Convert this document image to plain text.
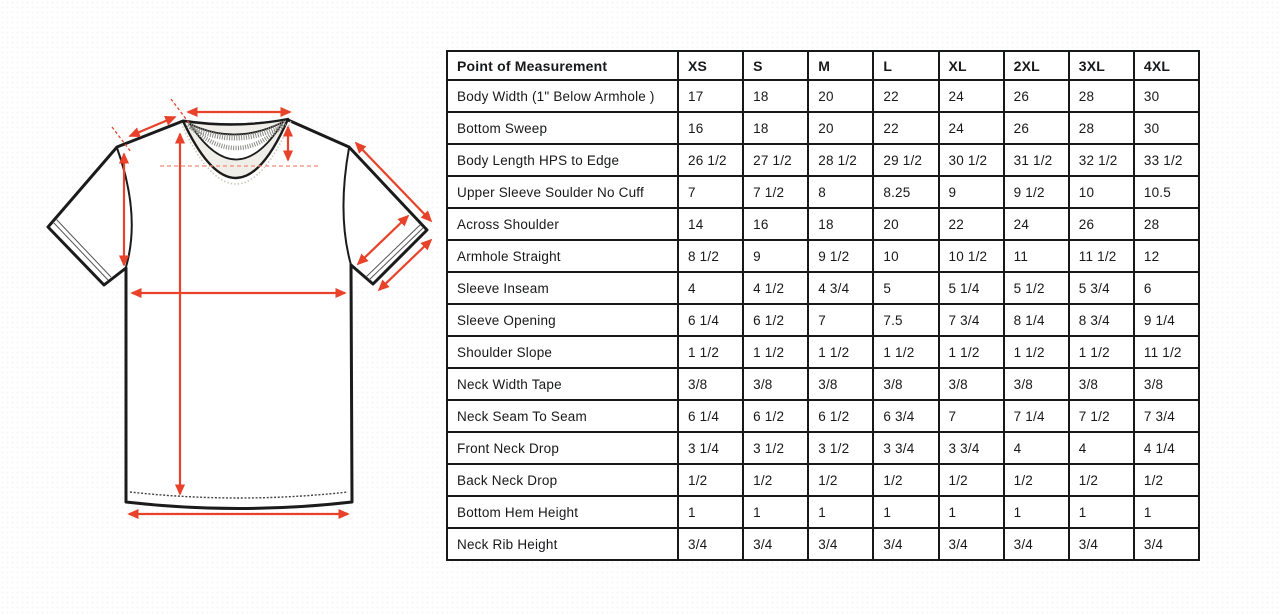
Point of Measurement	XS	S	M	L	XL	2XL	3XL	4XL
Body Width (1" Below Armhole )	17	18	20	22	24	26	28	30
Bottom Sweep	16	18	20	22	24	26	28	30
Body Length HPS to Edge	26 1/2	27 1/2	28 1/2	29 1/2	30 1/2	31 1/2	32 1/2	33 1/2
Upper Sleeve Soulder No Cuff	7	7 1/2	8	8.25	9	9 1/2	10	10.5
Across Shoulder	14	16	18	20	22	24	26	28
Armhole Straight	8 1/2	9	9 1/2	10	10 1/2	11	11 1/2	12
Sleeve Inseam	4	4 1/2	4 3/4	5	5 1/4	5 1/2	5 3/4	6
Sleeve Opening	6 1/4	6 1/2	7	7.5	7 3/4	8 1/4	8 3/4	9 1/4
Shoulder Slope	1 1/2	1 1/2	1 1/2	1 1/2	1 1/2	1 1/2	1 1/2	11 1/2
Neck Width Tape	3/8	3/8	3/8	3/8	3/8	3/8	3/8	3/8
Neck Seam To Seam	6 1/4	6 1/2	6 1/2	6 3/4	7	7 1/4	7 1/2	7 3/4
Front Neck Drop	3 1/4	3 1/2	3 1/2	3 3/4	3 3/4	4	4	4 1/4
Back Neck Drop	1/2	1/2	1/2	1/2	1/2	1/2	1/2	1/2
Bottom Hem Height	1	1	1	1	1	1	1	1
Neck Rib Height	3/4	3/4	3/4	3/4	3/4	3/4	3/4	3/4
